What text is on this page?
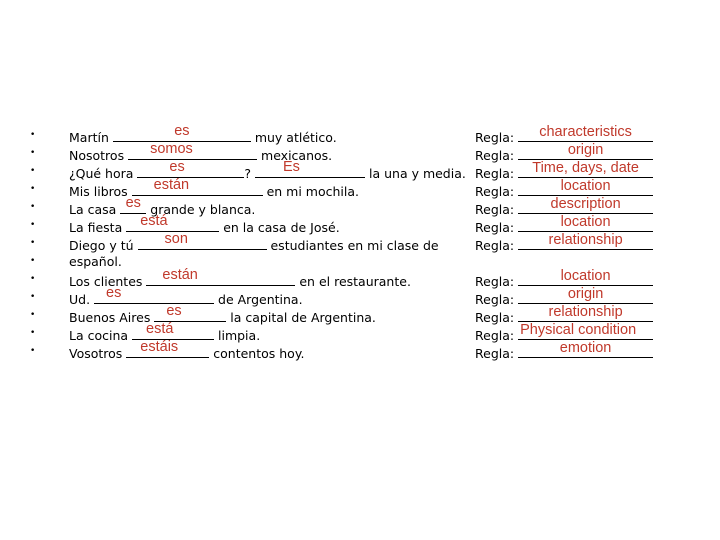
•	Martín	es	muy atlético.	Regla:	characteristics
•	Nosotros	somos	mexicanos.	Regla:	origin
•	¿Qué hora	es	?	Es	la una y media. Regla:	Time, days, date
•	Mis libros	están	en mi mochila.	Regla:	location
•	La casa es grande y blanca.	Regla:	description
•	La fiesta está	en la casa de José.	Regla:	location
•	Diego y tú	son	estudiantes en mi clase de	Regla:	relationship
•	español.
•	Los clientes	están	en el restaurante.	Regla:	location
•	Ud. es	de Argentina.	Regla:	origin
•	Buenos Aires es	la capital de Argentina.	Regla:	relationship
•	La cocina está	limpia.	Regla: Physical condition
•	Vosotros estáis	contentos hoy.	Regla:	emotion
